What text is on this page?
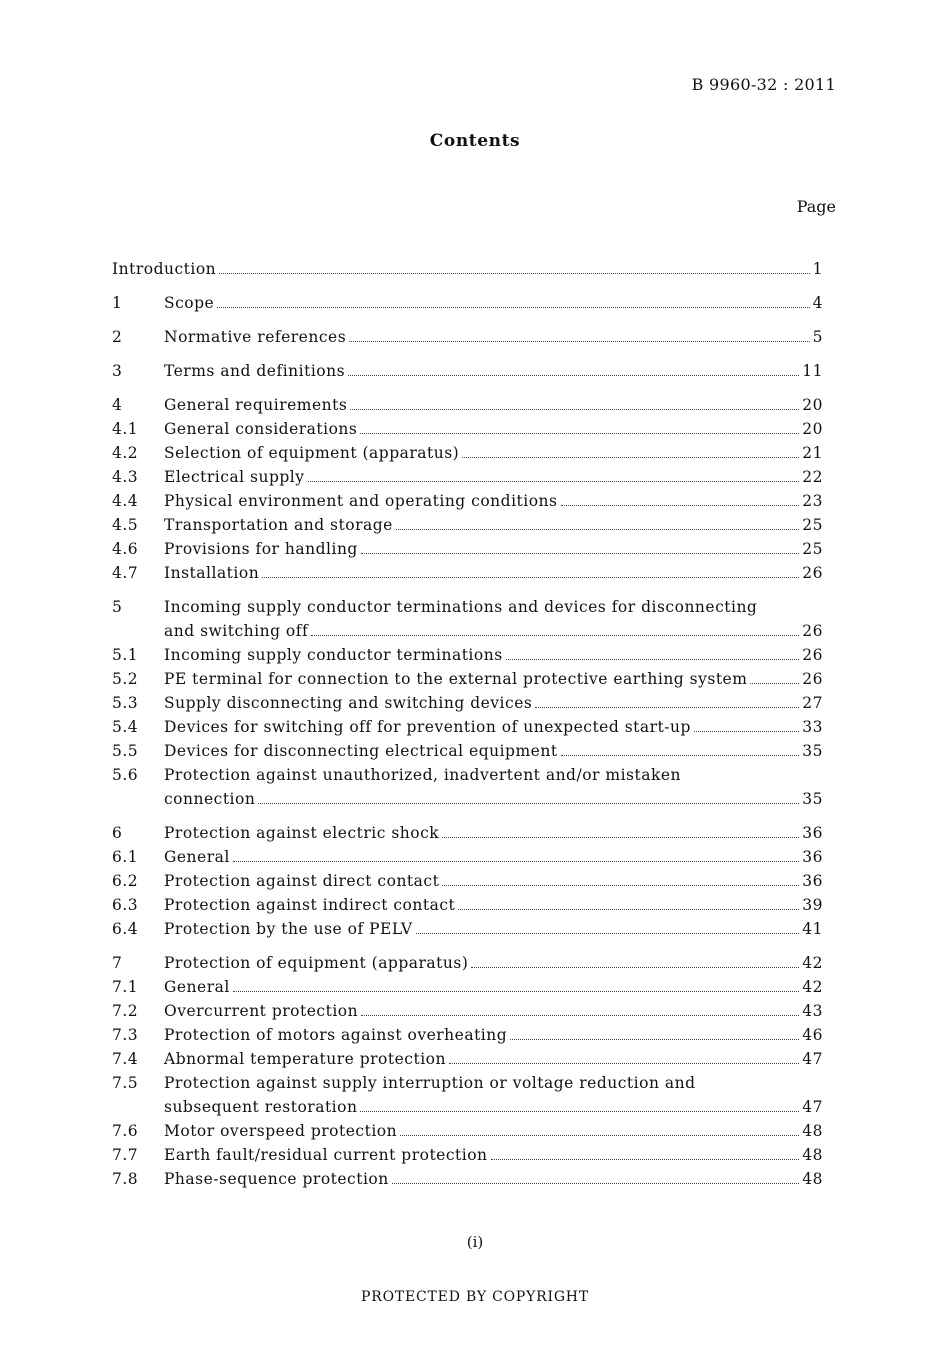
B 9960-32 : 2011
Contents
Page
Introduction	1
1	Scope	4
2	Normative references	5
3	Terms and definitions	11
4	General requirements	20
4.1	General considerations	20
4.2	Selection of equipment (apparatus)	21
4.3	Electrical supply	22
4.4	Physical environment and operating conditions	23
4.5	Transportation and storage	25
4.6	Provisions for handling	25
4.7	Installation	26
5	Incoming supply conductor terminations and devices for disconnecting
and switching off	26
5.1	Incoming supply conductor terminations	26
5.2	PE terminal for connection to the external protective earthing system	26
5.3	Supply disconnecting and switching devices	27
5.4	Devices for switching off for prevention of unexpected start-up	33
5.5	Devices for disconnecting electrical equipment	35
5.6	Protection against unauthorized, inadvertent and/or mistaken
connection	35
6	Protection against electric shock	36
6.1	General	36
6.2	Protection against direct contact	36
6.3	Protection against indirect contact	39
6.4	Protection by the use of PELV	41
7	Protection of equipment (apparatus)	42
7.1	General	42
7.2	Overcurrent protection	43
7.3	Protection of motors against overheating	46
7.4	Abnormal temperature protection	47
7.5	Protection against supply interruption or voltage reduction and
subsequent restoration	47
7.6	Motor overspeed protection	48
7.7	Earth fault/residual current protection	48
7.8	Phase-sequence protection	48
(i)
PROTECTED BY COPYRIGHT
